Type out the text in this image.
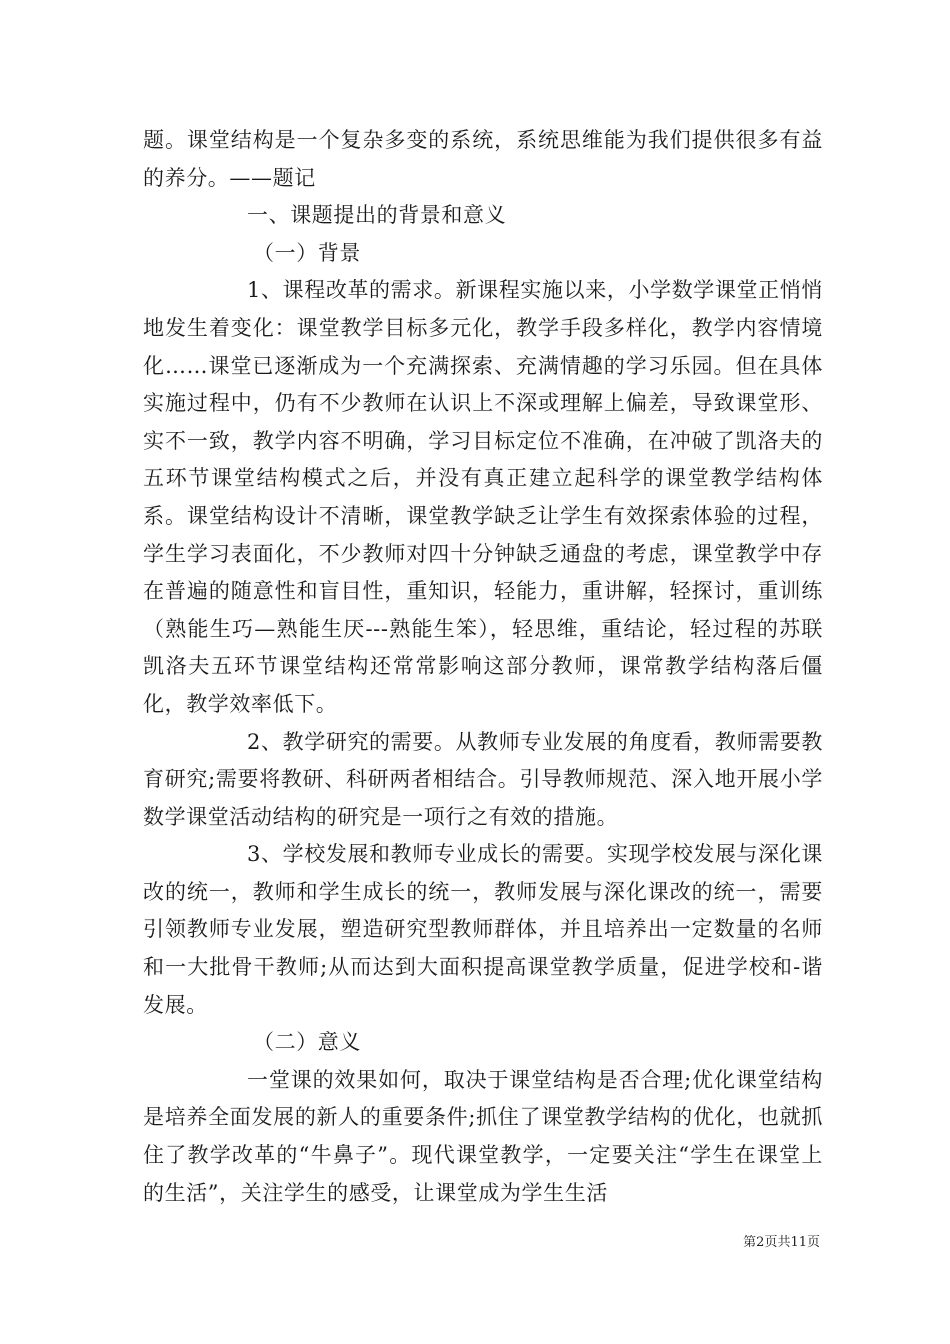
题。课堂结构是一个复杂多变的系统，系统思维能为我们提供很多有益的养分。——题记

一、课题提出的背景和意义

（一）背景

1、课程改革的需求。新课程实施以来，小学数学课堂正悄悄地发生着变化：课堂教学目标多元化，教学手段多样化，教学内容情境化……课堂已逐渐成为一个充满探索、充满情趣的学习乐园。但在具体实施过程中，仍有不少教师在认识上不深或理解上偏差，导致课堂形、实不一致，教学内容不明确，学习目标定位不准确，在冲破了凯洛夫的五环节课堂结构模式之后，并没有真正建立起科学的课堂教学结构体系。课堂结构设计不清晰，课堂教学缺乏让学生有效探索体验的过程，学生学习表面化，不少教师对四十分钟缺乏通盘的考虑，课堂教学中存在普遍的随意性和盲目性，重知识，轻能力，重讲解，轻探讨，重训练（熟能生巧—熟能生厌---熟能生笨），轻思维，重结论，轻过程的苏联凯洛夫五环节课堂结构还常常影响这部分教师，课常教学结构落后僵化，教学效率低下。

2、教学研究的需要。从教师专业发展的角度看，教师需要教育研究;需要将教研、科研两者相结合。引导教师规范、深入地开展小学数学课堂活动结构的研究是一项行之有效的措施。

3、学校发展和教师专业成长的需要。实现学校发展与深化课改的统一，教师和学生成长的统一，教师发展与深化课改的统一，需要引领教师专业发展，塑造研究型教师群体，并且培养出一定数量的名师和一大批骨干教师;从而达到大面积提高课堂教学质量，促进学校和-谐发展。

（二）意义

一堂课的效果如何，取决于课堂结构是否合理;优化课堂结构是培养全面发展的新人的重要条件;抓住了课堂教学结构的优化，也就抓住了教学改革的“牛鼻子”。现代课堂教学，一定要关注“学生在课堂上的生活”，关注学生的感受，让课堂成为学生生活

第2页共11页
